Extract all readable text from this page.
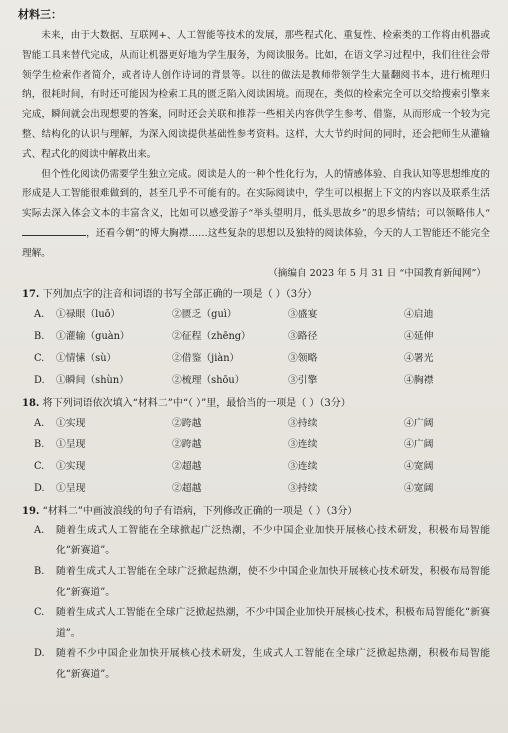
材料三：

未来，由于大数据、互联网+、人工智能等技术的发展，那些程式化、重复性、检索类的工作将由机器或智能工具来替代完成，从而让机器更好地为学生服务，为阅读服务。比如，在语文学习过程中，我们往往会带领学生检索作者简介，或者诗人创作诗词的背景等。以往的做法是教师带领学生大量翻阅书本，进行梳理归纳，很耗时间，有时还可能因为检索工具的匮乏陷入阅读困境。而现在，类似的检索完全可以交给搜索引擎来完成，瞬间就会出现想要的答案，同时还会关联和推荐一些相关内容供学生参考、借鉴，从而形成一个较为完整、结构化的认识与理解，为深入阅读提供基础性参考资料。这样，大大节约时间的同时，还会把师生从灌输式、程式化的阅读中解救出来。

但个性化阅读仍需要学生独立完成。阅读是人的一种个性化行为，人的情感体验、自我认知等思想维度的形成是人工智能很难做到的，甚至几乎不可能有的。在实际阅读中，学生可以根据上下文的内容以及联系生活实际去深入体会文本的丰富含义，比如可以感受游子“举头望明月，低头思故乡”的思乡情结；可以领略伟人“，还看今朝”的博大胸襟……这些复杂的思想以及独特的阅读体验，今天的人工智能还不能完全理解。

（摘编自 2023 年 5 月 31 日 “中国教育新闻网”）
17. 下列加点字的注音和词语的书写全部正确的一项是（ ）（3分）
A.	①禄眼（luō）	②匮乏（guì）	③盛宴	④启迪
B.	①灌输（guàn）	②征程（zhēng）	③路径	④延伸
C.	①情愫（sù）	②借鉴（jiàn）	③领略	④署光
D.	①瞬间（shùn）	②梳理（shōu）	③引擎	④胸襟
18. 将下列词语依次填入“材料二”中“（ ）”里，最恰当的一项是（ ）（3分）
A.	①实现	②跨越	③持续	④广阔
B.	①呈现	②跨越	③连续	④广阔
C.	①实现	②超越	③连续	④宽阔
D.	①呈现	②超越	③持续	④宽阔
19. “材料二”中画波浪线的句子有语病，下列修改正确的一项是（ ）（3分）
A.	随着生成式人工智能在全球掀起广泛热潮，不少中国企业加快开展核心技术研发，积极布局智能化“新赛道”。
B.	随着生成式人工智能在全球广泛掀起热潮，使不少中国企业加快开展核心技术研发，积极布局智能化“新赛道”。
C.	随着生成式人工智能在全球广泛掀起热潮，不少中国企业加快开展核心技术，积极布局智能化“新赛道”。
D.	随着不少中国企业加快开展核心技术研发，生成式人工智能在全球广泛掀起热潮，积极布局智能化“新赛道”。
